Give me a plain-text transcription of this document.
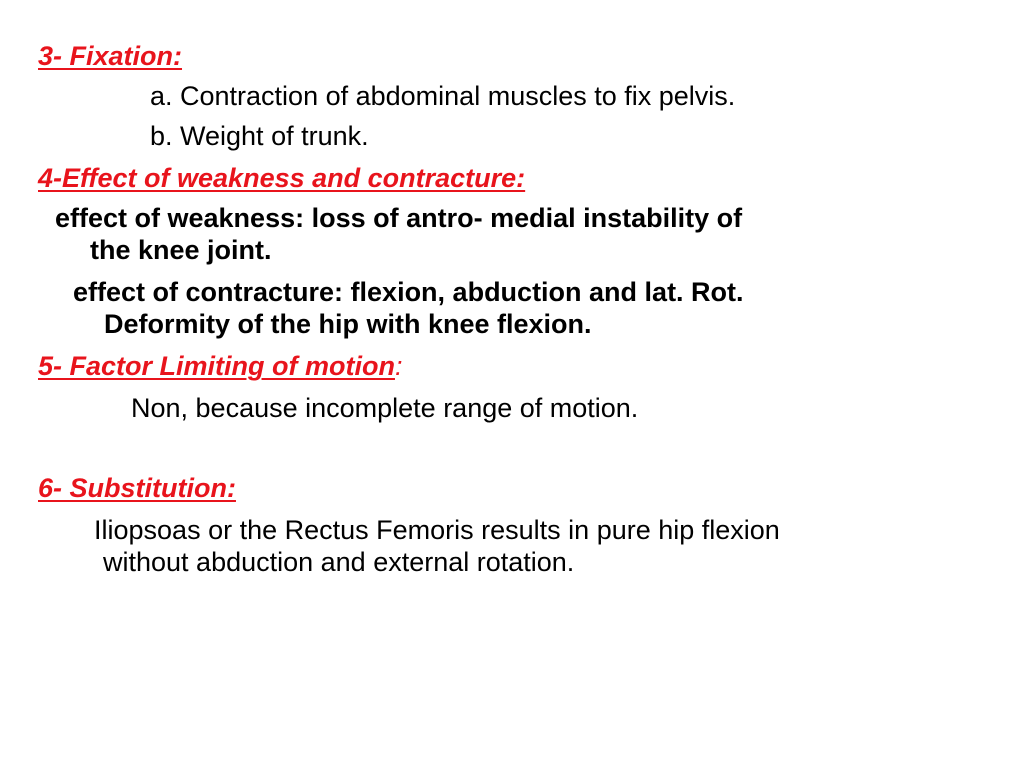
3- Fixation:
a. Contraction of abdominal muscles to fix pelvis.
b. Weight of trunk.
4-Effect of weakness and contracture:
effect of weakness: loss of antro- medial instability of
the knee joint.
effect of contracture: flexion, abduction and lat. Rot.
Deformity of the hip with knee flexion.
5- Factor Limiting of motion:
Non, because incomplete range of motion.
6- Substitution:
Iliopsoas or the Rectus Femoris results in pure hip flexion
without abduction and external rotation.
